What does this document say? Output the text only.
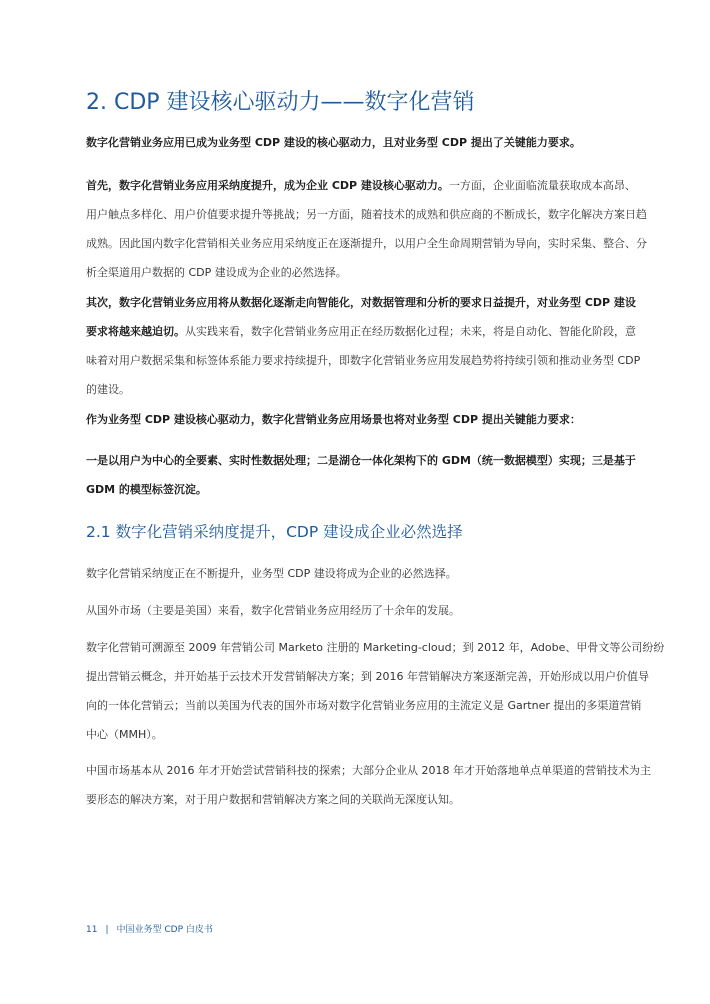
2. CDP 建设核心驱动力——数字化营销
数字化营销业务应用已成为业务型 CDP 建设的核心驱动力，且对业务型 CDP 提出了关键能力要求。
首先，数字化营销业务应用采纳度提升，成为企业 CDP 建设核心驱动力。一方面，企业面临流量获取成本高昂、
用户触点多样化、用户价值要求提升等挑战；另一方面，随着技术的成熟和供应商的不断成长，数字化解决方案日趋
成熟。因此国内数字化营销相关业务应用采纳度正在逐渐提升，以用户全生命周期营销为导向，实时采集、整合、分
析全渠道用户数据的 CDP 建设成为企业的必然选择。
其次，数字化营销业务应用将从数据化逐渐走向智能化，对数据管理和分析的要求日益提升，对业务型 CDP 建设
要求将越来越迫切。从实践来看，数字化营销业务应用正在经历数据化过程；未来，将是自动化、智能化阶段，意
味着对用户数据采集和标签体系能力要求持续提升，即数字化营销业务应用发展趋势将持续引领和推动业务型 CDP
的建设。
作为业务型 CDP 建设核心驱动力，数字化营销业务应用场景也将对业务型 CDP 提出关键能力要求：
一是以用户为中心的全要素、实时性数据处理；二是湖仓一体化架构下的 GDM（统一数据模型）实现；三是基于
GDM 的模型标签沉淀。
2.1 数字化营销采纳度提升，CDP 建设成企业必然选择
数字化营销采纳度正在不断提升，业务型 CDP 建设将成为企业的必然选择。
从国外市场（主要是美国）来看，数字化营销业务应用经历了十余年的发展。
数字化营销可溯源至 2009 年营销公司 Marketo 注册的 Marketing-cloud；到 2012 年，Adobe、甲骨文等公司纷纷
提出营销云概念，并开始基于云技术开发营销解决方案；到 2016 年营销解决方案逐渐完善，开始形成以用户价值导
向的一体化营销云；当前以美国为代表的国外市场对数字化营销业务应用的主流定义是 Gartner 提出的多渠道营销
中心（MMH）。
中国市场基本从 2016 年才开始尝试营销科技的探索；大部分企业从 2018 年才开始落地单点单渠道的营销技术为主
要形态的解决方案，对于用户数据和营销解决方案之间的关联尚无深度认知。
11 | 中国业务型 CDP 白皮书
